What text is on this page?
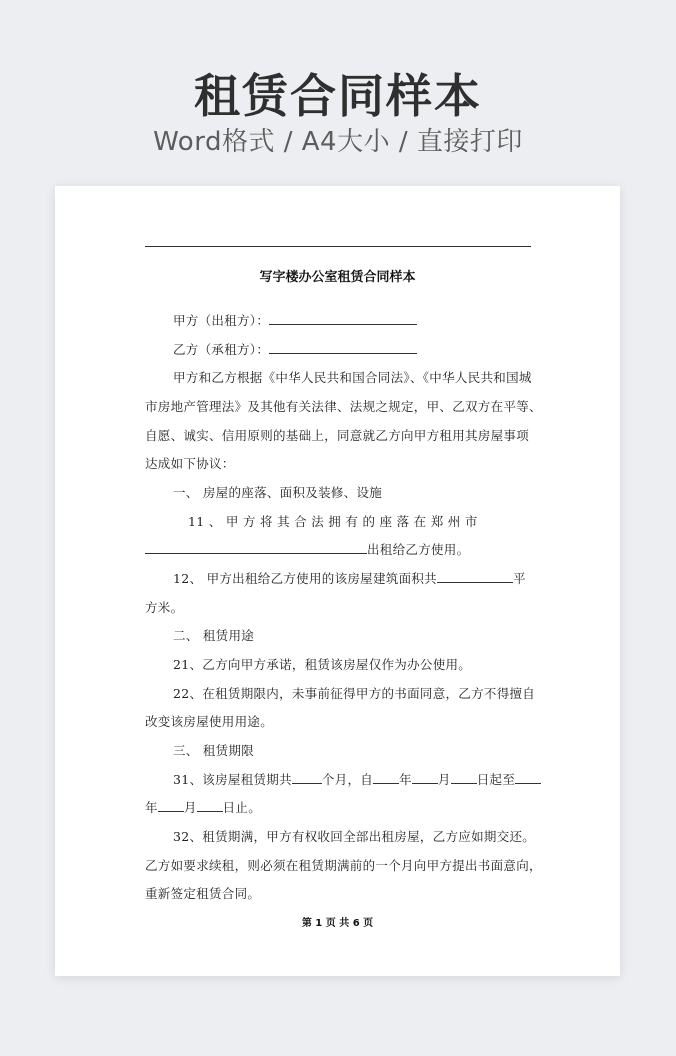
租赁合同样本
Word格式 / A4大小 / 直接打印
写字楼办公室租赁合同样本
甲方（出租方）：
乙方（承租方）：
甲方和乙方根据《中华人民共和国合同法》、《中华人民共和国城
市房地产管理法》及其他有关法律、法规之规定，甲、乙双方在平等、
自愿、诚实、信用原则的基础上，同意就乙方向甲方租用其房屋事项
达成如下协议：
一、 房屋的座落、面积及装修、设施
11 、 甲 方 将 其 合 法 拥 有 的 座 落 在 郑 州 市
出租给乙方使用。
12、 甲方出租给乙方使用的该房屋建筑面积共	平
方米。
二、 租赁用途
21、乙方向甲方承诺，租赁该房屋仅作为办公使用。
22、在租赁期限内，未事前征得甲方的书面同意，乙方不得擅自
改变该房屋使用用途。
三、 租赁期限
31、该房屋租赁期共 个月，自 年 月 日起至
年 月 日止。
32、租赁期满，甲方有权收回全部出租房屋，乙方应如期交还。
乙方如要求续租，则必须在租赁期满前的一个月向甲方提出书面意向，
重新签定租赁合同。
第 1 页 共 6 页
